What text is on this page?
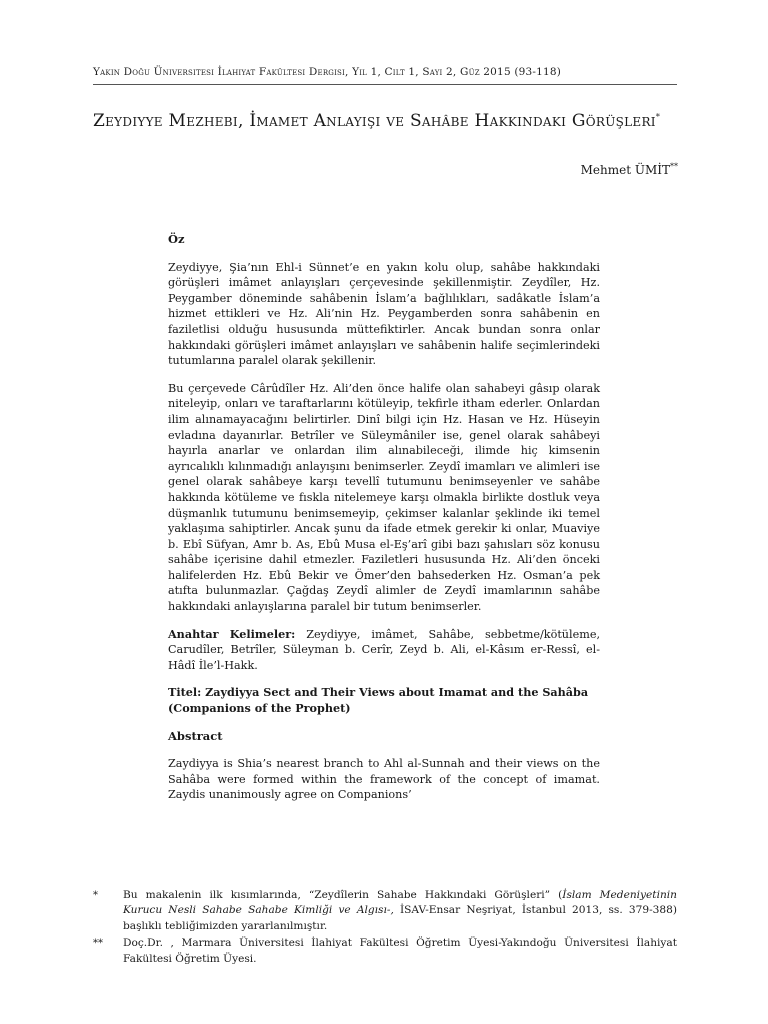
Yakın Doğu Üniversitesi İlahiyat Fakültesi Dergisi, Yıl 1, Cilt 1, Sayı 2, Güz 2015 (93-118)
Zeydiyye Mezhebi, İmamet Anlayışı ve Sahâbe Hakkındaki Görüşleri*
Mehmet ÜMİT**
Öz

Zeydiyye, Şia’nın Ehl-i Sünnet’e en yakın kolu olup, sahâbe hakkındaki görüşleri imâmet anlayışları çerçevesinde şekillenmiştir. Zeydîler, Hz. Peygamber döneminde sahâbenin İslam’a bağlılıkları, sadâkatle İslam’a hizmet ettikleri ve Hz. Ali’nin Hz. Peygamberden sonra sahâbenin en faziletlisi olduğu hususunda müttefiktirler. Ancak bundan sonra onlar hakkındaki görüşleri imâmet anlayışları ve sahâbenin halife seçimlerindeki tutumlarına paralel olarak şekillenir.

Bu çerçevede Cârûdîler Hz. Ali’den önce halife olan sahabeyi gâsıp olarak niteleyip, onları ve taraftarlarını kötüleyip, tekfirle itham ederler. Onlardan ilim alınamayacağını belirtirler. Dinî bilgi için Hz. Hasan ve Hz. Hüseyin evladına dayanırlar. Betrîler ve Süleymâniler ise, genel olarak sahâbeyi hayırla anarlar ve onlardan ilim alınabileceği, ilimde hiç kimsenin ayrıcalıklı kılınmadığı anlayışını benimserler. Zeydî imamları ve alimleri ise genel olarak sahâbeye karşı tevellî tutumunu benimseyenler ve sahâbe hakkında kötüleme ve fıskla nitelemeye karşı olmakla birlikte dostluk veya düşmanlık tutumunu benimsemeyip, çekimser kalanlar şeklinde iki temel yaklaşıma sahiptirler. Ancak şunu da ifade etmek gerekir ki onlar, Muaviye b. Ebî Süfyan, Amr b. As, Ebû Musa el-Eş’arî gibi bazı şahısları söz konusu sahâbe içerisine dahil etmezler. Faziletleri hususunda Hz. Ali’den önceki halifelerden Hz. Ebû Bekir ve Ömer’den bahsederken Hz. Osman’a pek atıfta bulunmazlar. Çağdaş Zeydî alimler de Zeydî imamlarının sahâbe hakkındaki anlayışlarına paralel bir tutum benimserler.

Anahtar Kelimeler: Zeydiyye, imâmet, Sahâbe, sebbetme/kötüleme, Carudîler, Betrîler, Süleyman b. Cerîr, Zeyd b. Ali, el-Kâsım er-Ressî, el-Hâdî İle’l-Hakk.

Titel: Zaydiyya Sect and Their Views about Imamat and the Sahâba (Companions of the Prophet)

Abstract

Zaydiyya is Shia’s nearest branch to Ahl al-Sunnah and their views on the Sahâba were formed within the framework of the concept of imamat. Zaydis unanimously agree on Companions’

*	Bu makalenin ilk kısımlarında, “Zeydîlerin Sahabe Hakkındaki Görüşleri” (İslam Medeniyetinin Kurucu Nesli Sahabe Sahabe Kimliği ve Algısı-, İSAV-Ensar Neşriyat, İstanbul 2013, ss. 379-388) başlıklı tebliğimizden yararlanılmıştır.
**	Doç.Dr. , Marmara Üniversitesi İlahiyat Fakültesi Öğretim Üyesi-Yakındoğu Üniversitesi İlahiyat Fakültesi Öğretim Üyesi.
